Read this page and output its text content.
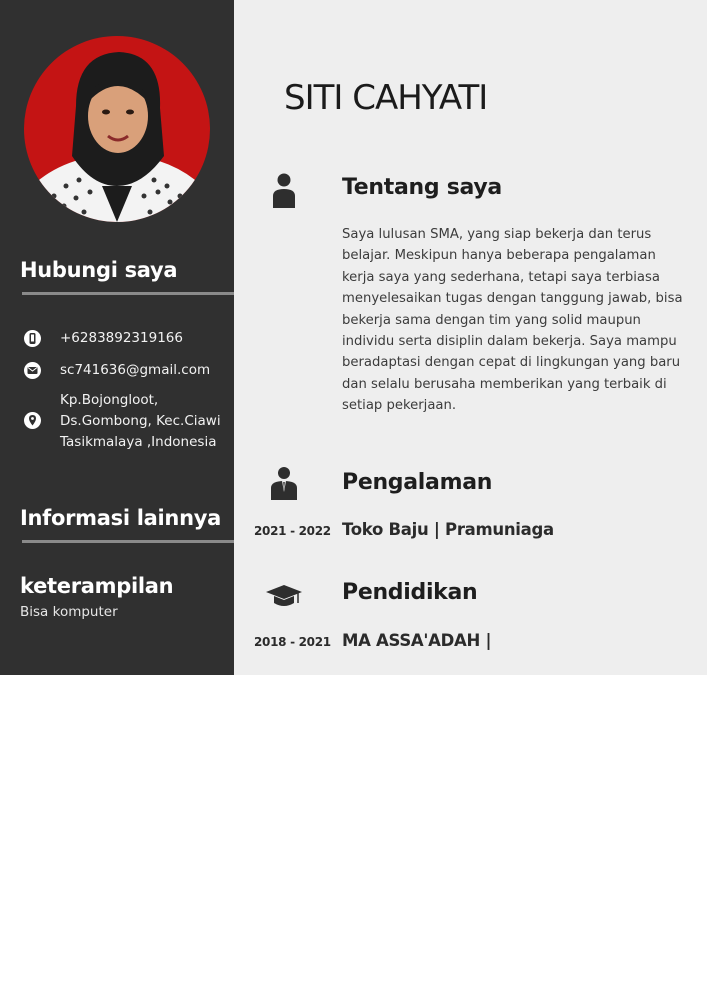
Hubungi saya
+6283892319166
sc741636@gmail.com
Kp.Bojongloot,
Ds.Gombong, Kec.Ciawi
Tasikmalaya ,Indonesia
Informasi lainnya
keterampilan
Bisa komputer
SITI CAHYATI
Tentang saya
Saya lulusan SMA, yang siap bekerja dan terus belajar. Meskipun hanya beberapa pengalaman kerja saya yang sederhana, tetapi saya terbiasa menyelesaikan tugas dengan tanggung jawab, bisa bekerja sama dengan tim yang solid maupun individu serta disiplin dalam bekerja. Saya mampu beradaptasi dengan cepat di lingkungan yang baru dan selalu berusaha memberikan yang terbaik di setiap pekerjaan.
Pengalaman
2021 - 2022 Toko Baju | Pramuniaga
Pendidikan
2018 - 2021 MA ASSA'ADAH |
